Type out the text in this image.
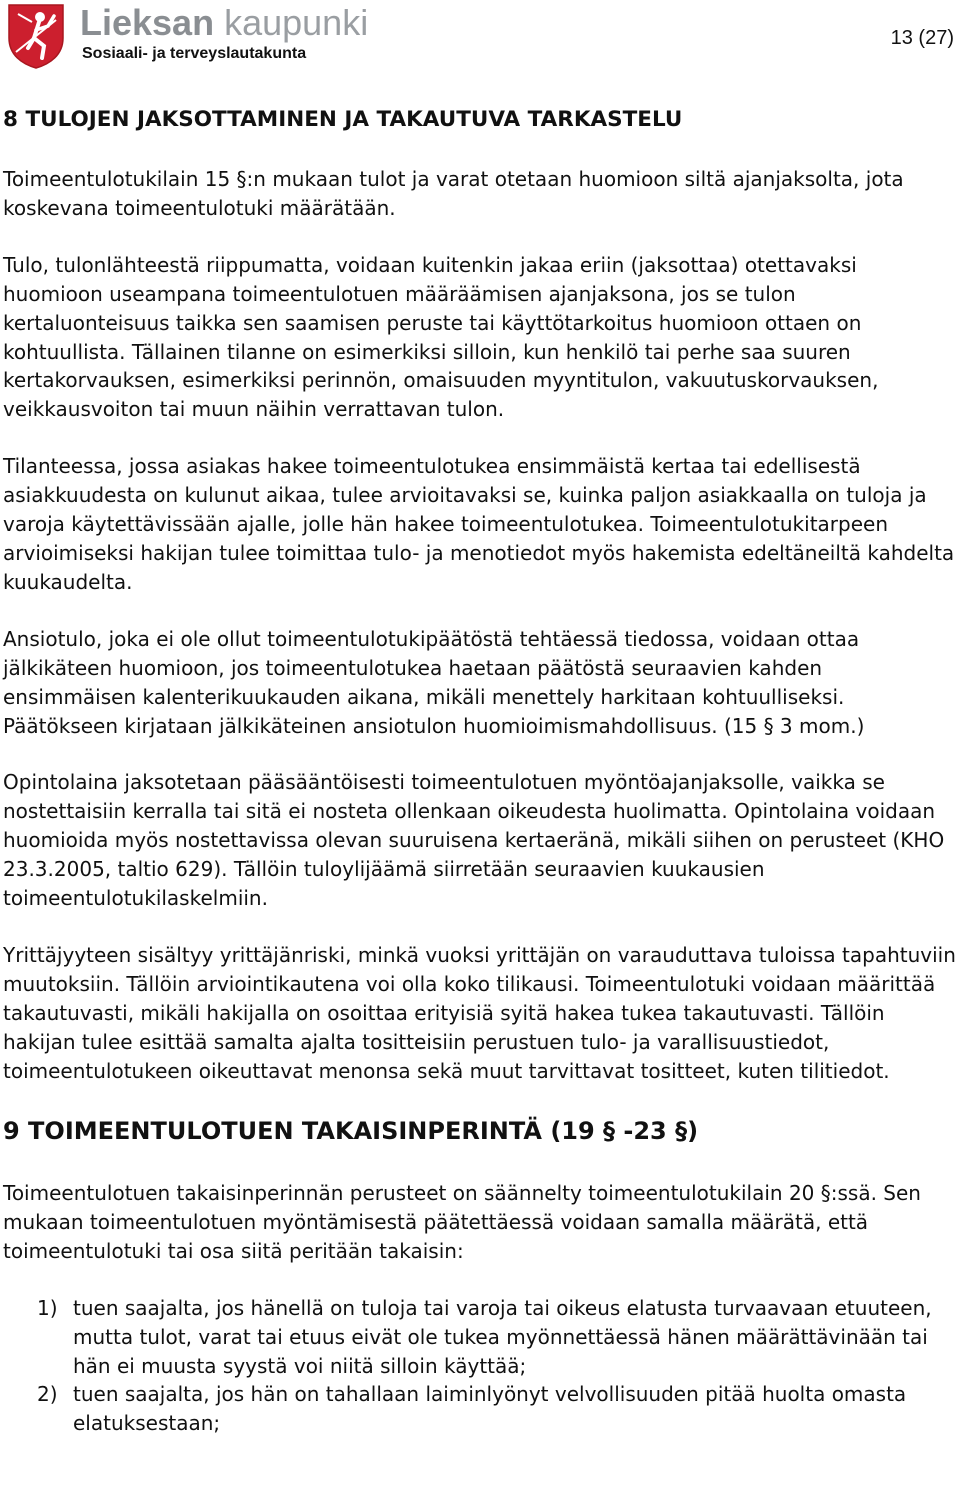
Lieksan kaupunki
Sosiaali- ja terveyslautakunta
13 (27)
8 TULOJEN JAKSOTTAMINEN JA TAKAUTUVA TARKASTELU

Toimeentulotukilain 15 §:n mukaan tulot ja varat otetaan huomioon siltä ajanjaksolta, jota koskevana toimeentulotuki määrätään.

Tulo, tulonlähteestä riippumatta, voidaan kuitenkin jakaa eriin (jaksottaa) otettavaksi huomioon useampana toimeentulotuen määräämisen ajanjaksona, jos se tulon kertaluonteisuus taikka sen saamisen peruste tai käyttötarkoitus huomioon ottaen on kohtuullista. Tällainen tilanne on esimerkiksi silloin, kun henkilö tai perhe saa suuren kertakorvauksen, esimerkiksi perinnön, omaisuuden myyntitulon, vakuutuskorvauksen, veikkausvoiton tai muun näihin verrattavan tulon.

Tilanteessa, jossa asiakas hakee toimeentulotukea ensimmäistä kertaa tai edellisestä asiakkuudesta on kulunut aikaa, tulee arvioitavaksi se, kuinka paljon asiakkaalla on tuloja ja varoja käytettävissään ajalle, jolle hän hakee toimeentulotukea. Toimeentulotukitarpeen arvioimiseksi hakijan tulee toimittaa tulo- ja menotiedot myös hakemista edeltäneiltä kahdelta kuukaudelta.

Ansiotulo, joka ei ole ollut toimeentulotukipäätöstä tehtäessä tiedossa, voidaan ottaa jälkikäteen huomioon, jos toimeentulotukea haetaan päätöstä seuraavien kahden ensimmäisen kalenterikuukauden aikana, mikäli menettely harkitaan kohtuulliseksi. Päätökseen kirjataan jälkikäteinen ansiotulon huomioimismahdollisuus. (15 § 3 mom.)

Opintolaina jaksotetaan pääsääntöisesti toimeentulotuen myöntöajanjaksolle, vaikka se nostettaisiin kerralla tai sitä ei nosteta ollenkaan oikeudesta huolimatta. Opintolaina voidaan huomioida myös nostettavissa olevan suuruisena kertaeränä, mikäli siihen on perusteet (KHO 23.3.2005, taltio 629). Tällöin tuloylijäämä siirretään seuraavien kuukausien toimeentulotukilaskelmiin.

Yrittäjyyteen sisältyy yrittäjänriski, minkä vuoksi yrittäjän on varauduttava tuloissa tapahtuviin muutoksiin. Tällöin arviointikautena voi olla koko tilikausi. Toimeentulotuki voidaan määrittää takautuvasti, mikäli hakijalla on osoittaa erityisiä syitä hakea tukea takautuvasti. Tällöin hakijan tulee esittää samalta ajalta tositteisiin perustuen tulo- ja varallisuustiedot, toimeentulotukeen oikeuttavat menonsa sekä muut tarvittavat tositteet, kuten tilitiedot.

9 TOIMEENTULOTUEN TAKAISINPERINTÄ (19 § -23 §)

Toimeentulotuen takaisinperinnän perusteet on säännelty toimeentulotukilain 20 §:ssä. Sen mukaan toimeentulotuen myöntämisestä päätettäessä voidaan samalla määrätä, että toimeentulotuki tai osa siitä peritään takaisin:

1) tuen saajalta, jos hänellä on tuloja tai varoja tai oikeus elatusta turvaavaan etuuteen, mutta tulot, varat tai etuus eivät ole tukea myönnettäessä hänen määrättävinään tai hän ei muusta syystä voi niitä silloin käyttää;
2) tuen saajalta, jos hän on tahallaan laiminlyönyt velvollisuuden pitää huolta omasta elatuksestaan;
